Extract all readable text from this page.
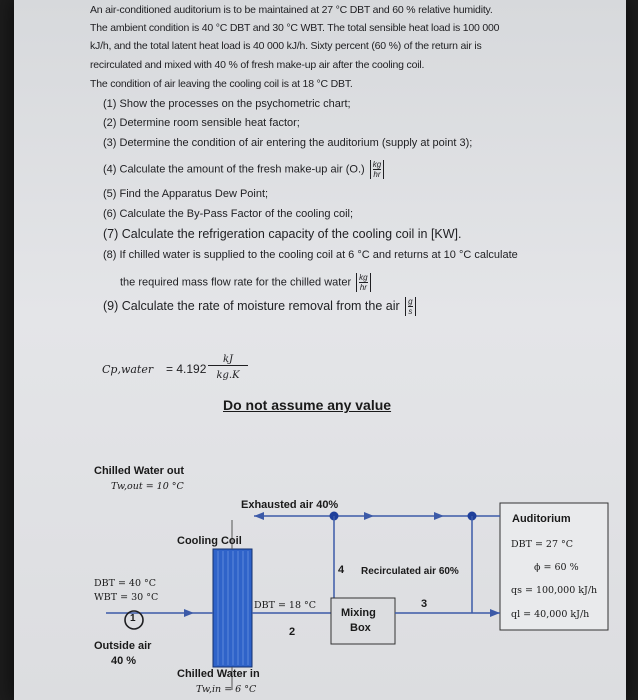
An air-conditioned auditorium is to be maintained at 27 °C DBT and 60 % relative humidity.
The ambient condition is 40 °C DBT and 30 °C WBT. The total sensible heat load is 100 000
kJ/h, and the total latent heat load is 40 000 kJ/h. Sixty percent (60 %) of the return air is
recirculated and mixed with 40 % of fresh make-up air after the cooling coil.
The condition of air leaving the cooling coil is at 18 °C DBT.
(1) Show the processes on the psychometric chart;
(2) Determine room sensible heat factor;
(3) Determine the condition of air entering the auditorium (supply at point 3);
(4) Calculate the amount of the fresh make-up air $(O.) \frac{kg}{hr}$
(5) Find the Apparatus Dew Point;
(6) Calculate the By-Pass Factor of the cooling coil;
(7) Calculate the refrigeration capacity of the cooling coil in [KW].
(8) If chilled water is supplied to the cooling coil at 6 °C and returns at 10 °C calculate
the required mass flow rate for the chilled water $\frac{kg}{hr}$
(9) Calculate the rate of moisture removal from the air $\frac{g}{s}$
Cp,water = 4.192
kJ
kg.K
Do not assume any value
Chilled Water out
Tw,out = 10 °C
Exhausted air 40%
Auditorium
DBT = 27 °C
ϕ = 60 %
qs = 100,000 kJ/h
ql = 40,000 kJ/h
Cooling Coil
4 Recirculated air 60%
3
2
1
DBT = 40 °C
WBT = 30 °C
DBT = 18 °C
Mixing
Box
Outside air
40 %
Chilled Water in
Tw,in = 6 °C
